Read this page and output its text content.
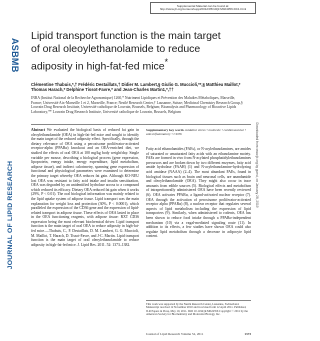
Supplemental Material can be found at:
http://www.jlr.org/content/suppl/2012/05/10/jlr.M024356.DC1.html
ASBMB
JOURNAL OF LIPID RESEARCH	Downloaded from www.jlr.org by guest, on January 28, 2019
Lipid transport function is the main target of oral oleoylethanolamide to reduce adiposity in high-fat-fed mice*
Clémentine Thabuis,*,† Frédéric Destaillats,† Didier M. Lambert,§ Giulio G. Muccioli,**,§ Matthieu Maillot,* Thomas Harach,* Delphine Tissot-Favre,* and Jean-Charles Martin1,*,††
INRA (Institut National de la Recherche Agronomique) 1260,* Nutriment Lipidiques et Prévention des Maladies Métaboliques, Marseille, France; Université Aix-Marseille 1 et 2, Marseille, France; Nestlé Research Center,† Lausanne, Suisse; Medicinal Chemistry Research Group,§ Louvain Drug Research Institute, Université catholique de Louvain, Brussels, Belgium; Bioanalysis and Pharmacology of Bioactive Lipids Laboratory,** Louvain Drug Research Institute, Université catholique de Louvain, Brussels, Belgium
Abstract We evaluated the biological basis of reduced fat gain in oleoylethanolamide (OEA) in high-fat-fed mice and sought to identify the main target of the reduced adiposity effect. Specifically, through the dietary relevance of OEA using a peroxisome proliferator-activated receptor-alpha (PPARα) knockout and an OEA-enriched diet, we studied the effects of oral OEA at 100 mg/kg body weight/day. Single variable per mouse, describing a biological process (gene expression, lipoprotein, energy intake, energy expenditure, lipid metabolism, adipose tissue), and indirect calorimetry, spanning gene expression of functional and physiological parameters were examined to determine the primary target whereby OEA reduces fat gain. Although KO-NEU lost OEA was resistant to fatty acid intake and insulin sensitization, OEA was degraded by an unidentified hydrolase across to a compound which reduced its efficacy. Dietary OEA reduced fat gain when it works (29%, P < 0.01). The oral biological information was mainly related to the lipid uptake system of adipose tissue. Lipid transport was the main explanation for weight loss and protection (30%, P < 0.0001), which paralleled the expression of the CD36 gene and the expression of lipid-related transport in adipose tissue. These effects of OEA lasted in place in the OEA functioning reagents, with adipose tissue: RXT CD36 expression being the most relevant biochemical driver. Lipid transport function is the main target of oral OEA to reduce adiposity in high-fat-fed mice.—Thabuis, C., F. Destaillats, D. M. Lambert, G. G. Muccioli, M. Maillot, T. Harach, D. Tissot-Favre, and J-C. Martin. Lipid transport function is the main target of oral oleoylethanolamide to reduce adiposity in high-fat-fed mice. J. Lipid Res. 2011. 52: 1373–1382.
Supplementary key words oxidative stress • molecule • cardiovascular • anti-inflammatory • CD36
Fatty acid ethanolamides (FAEs), or N-acylethanolamines, are amides of saturated or unsaturated fatty acids with an ethanolamine moiety. FAEs are formed in vivo from N-acylated phosphatidylethanolamines precursors and are broken down by two different enzymes, fatty acid amide hydrolase (FAAH) (1) and N-acylethanolamine-hydrolyzing acid amidase (NAAA) (2–4). The most abundant FAEs, found in biological tissues such as brain and neuronal cells, are anandamide and oleoylethanolamide (OEA). They might also occur in trace amounts from edible sources (5). Biological effects and metabolism of intraperitoneally administered OEA have been recently reviewed (6). OEA activates PPARα, a ligand-activated nuclear receptor (7). OEA through the activation of peroxisome proliferator-activated receptor alpha (PPARα) (8), a nuclear receptor that regulates several aspects of lipid metabolism including the expression of lipid transporters (9). Similarly, when administered to rodents, OEA has been shown to reduce food intake through a PPARα-independent mechanism (10) via a vagal-mediated signaling route (11). In addition to its effects, a few studies have shown OEA could also regulate lipid metabolism through a decrease in adipocyte lipid content.
This work was supported by the Nestlé Research Center, Lausanne, Switzerland. Manuscript received 12 November 2010 and in revised form 12 April 2011. Published, JLR Papers in Press, May 10, 2011. DOI 10.1194/jlr.M024356 Copyright © 2011 by the American Society for Biochemistry and Molecular Biology, Inc.
Journal of Lipid Research Volume 52, 2011	1373
